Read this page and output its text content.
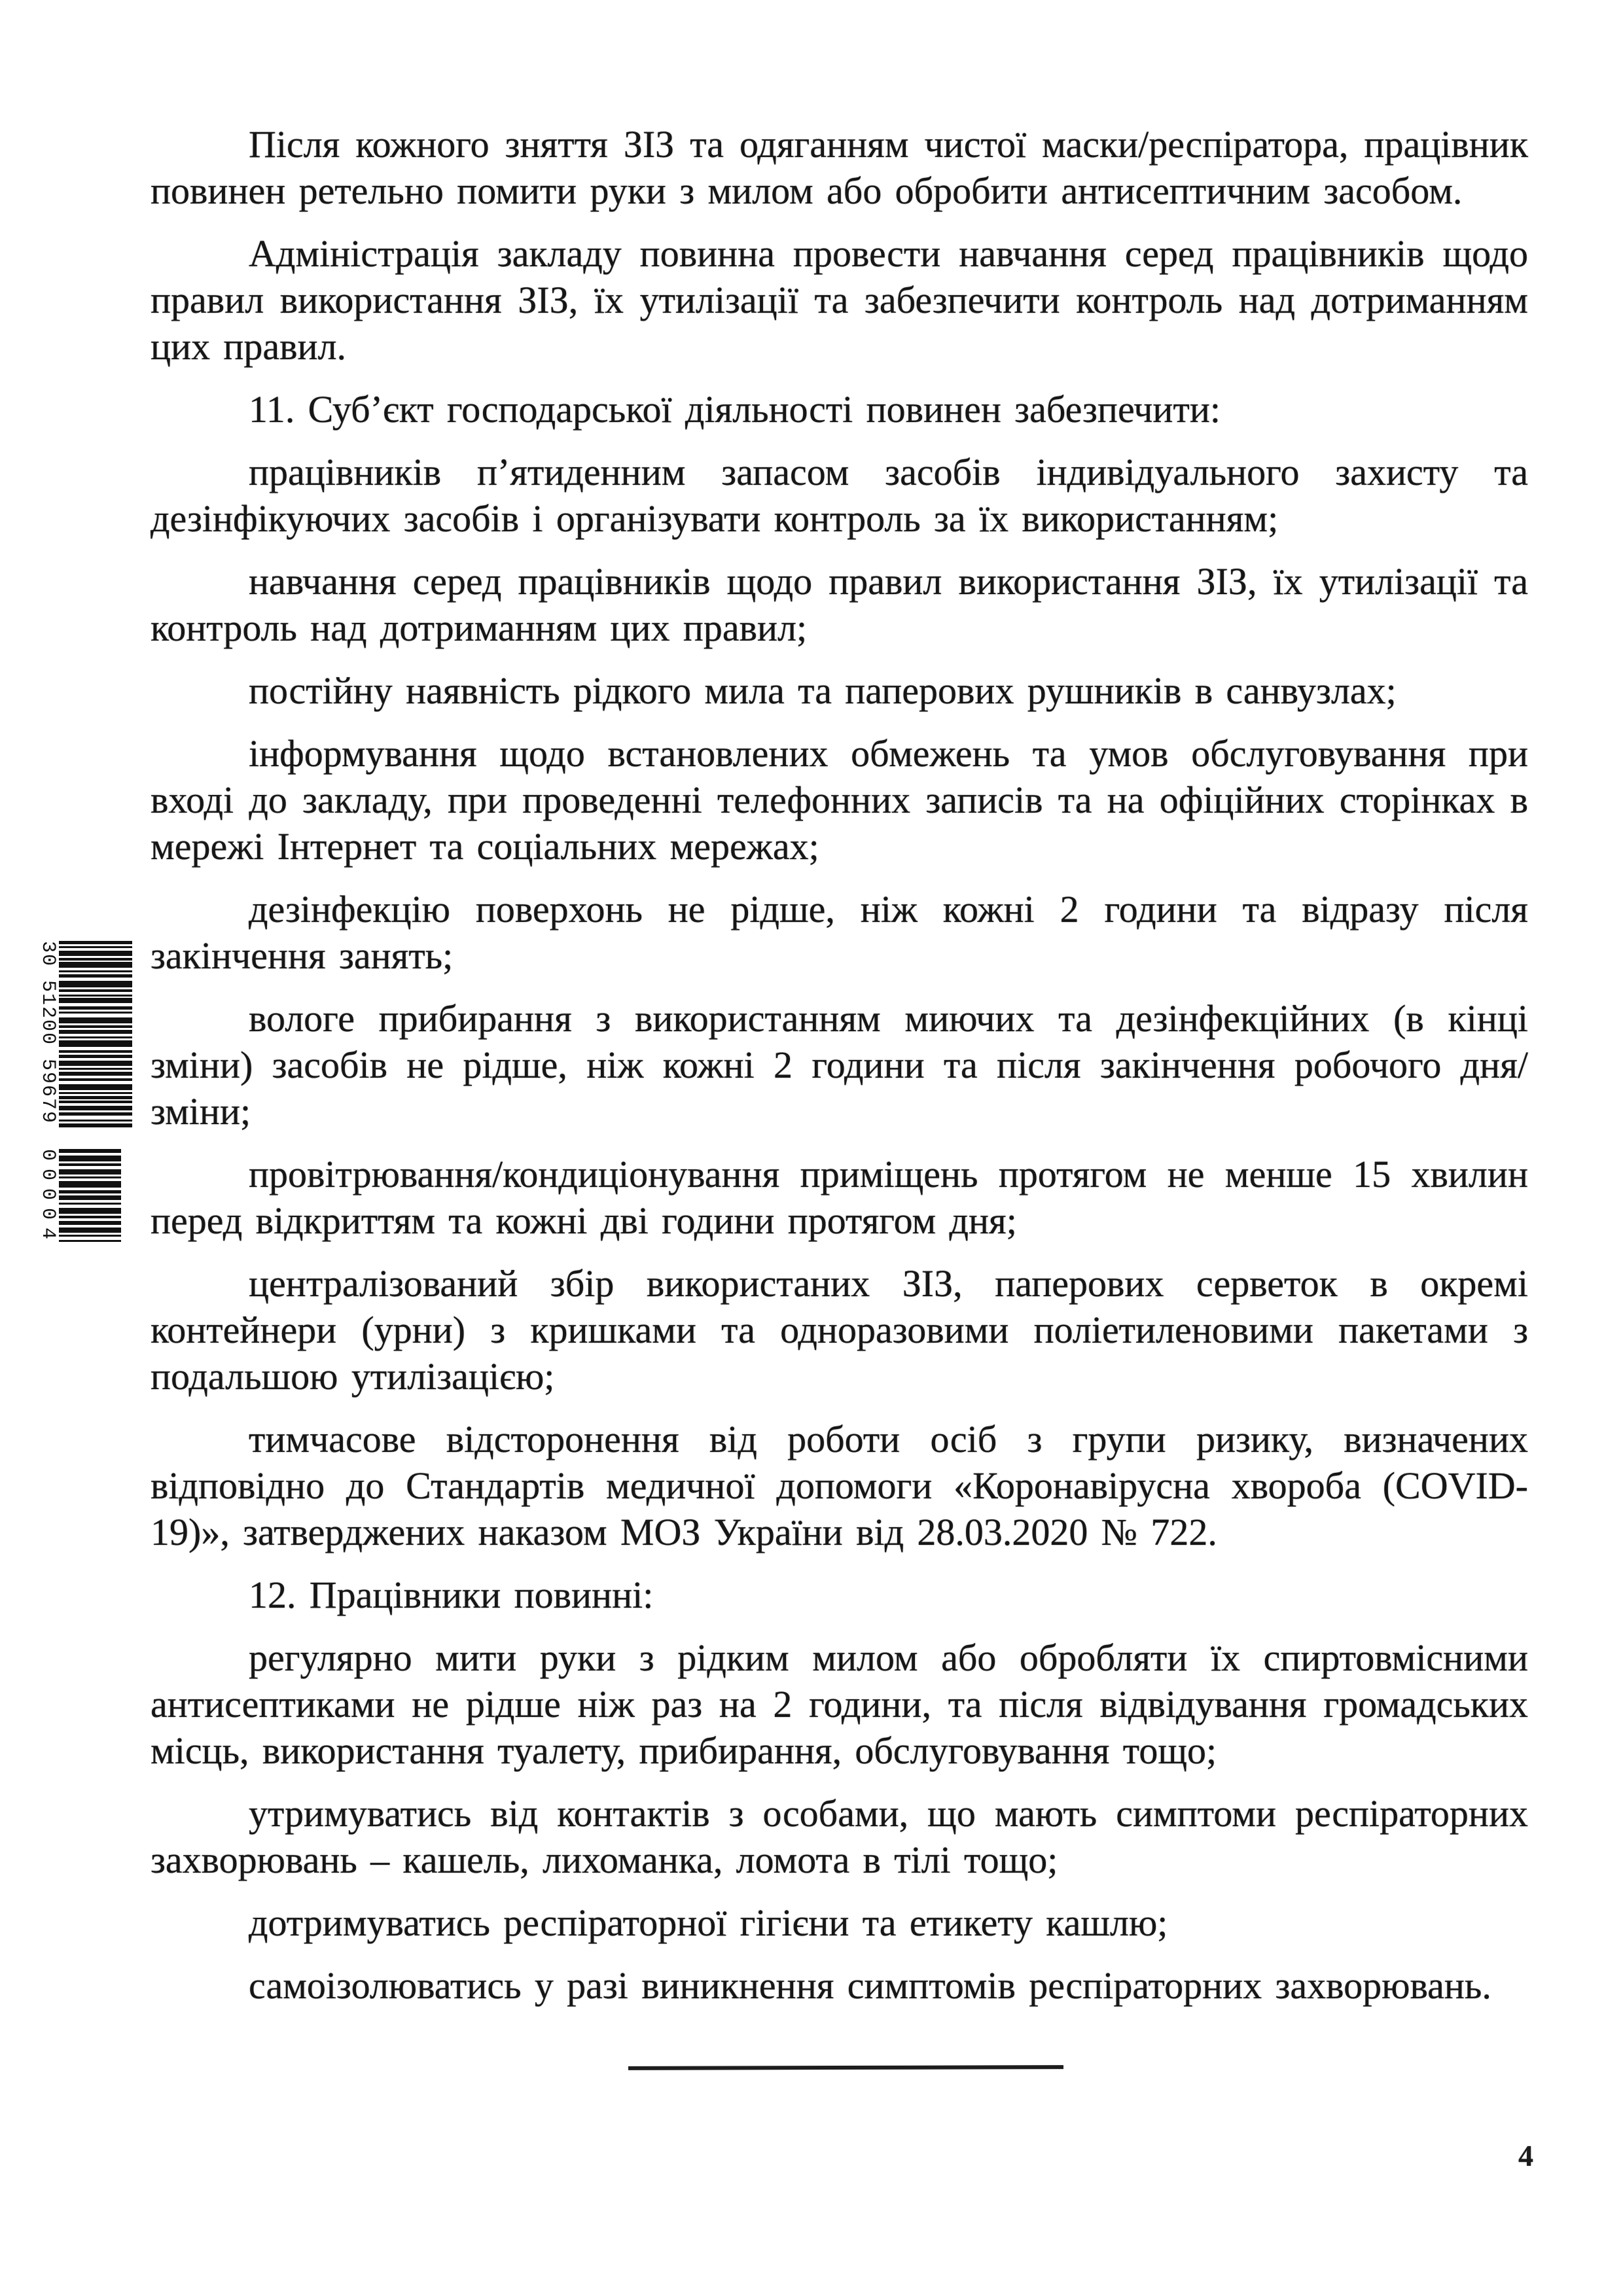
30 51200 59679
00004

Після кожного зняття ЗІЗ та одяганням чистої маски/респіратора, працівник повинен ретельно помити руки з милом або обробити антисептичним засобом.

Адміністрація закладу повинна провести навчання серед працівників щодо правил використання ЗІЗ, їх утилізації та забезпечити контроль над дотриманням цих правил.

11. Суб’єкт господарської діяльності повинен забезпечити:

працівників п’ятиденним запасом засобів індивідуального захисту та дезінфікуючих засобів і організувати контроль за їх використанням;

навчання серед працівників щодо правил використання ЗІЗ, їх утилізації та контроль над дотриманням цих правил;

постійну наявність рідкого мила та паперових рушників в санвузлах;

інформування щодо встановлених обмежень та умов обслуговування при вході до закладу, при проведенні телефонних записів та на офіційних сторінках в мережі Інтернет та соціальних мережах;

дезінфекцію поверхонь не рідше, ніж кожні 2 години та відразу після закінчення занять;

вологе прибирання з використанням миючих та дезінфекційних (в кінці зміни) засобів не рідше, ніж кожні 2 години та після закінчення робочого дня/зміни;

провітрювання/кондиціонування приміщень протягом не менше 15 хвилин перед відкриттям та кожні дві години протягом дня;

централізований збір використаних ЗІЗ, паперових серветок в окремі контейнери (урни) з кришками та одноразовими поліетиленовими пакетами з подальшою утилізацією;

тимчасове відсторонення від роботи осіб з групи ризику, визначених відповідно до Стандартів медичної допомоги «Коронавірусна хвороба (COVID-19)», затверджених наказом МОЗ України від 28.03.2020 № 722.

12. Працівники повинні:

регулярно мити руки з рідким милом або обробляти їх спиртовмісними антисептиками не рідше ніж раз на 2 години, та після відвідування громадських місць, використання туалету, прибирання, обслуговування тощо;

утримуватись від контактів з особами, що мають симптоми респіраторних захворювань – кашель, лихоманка, ломота в тілі тощо;

дотримуватись респіраторної гігієни та етикету кашлю;

самоізолюватись у разі виникнення симптомів респіраторних захворювань.

4
